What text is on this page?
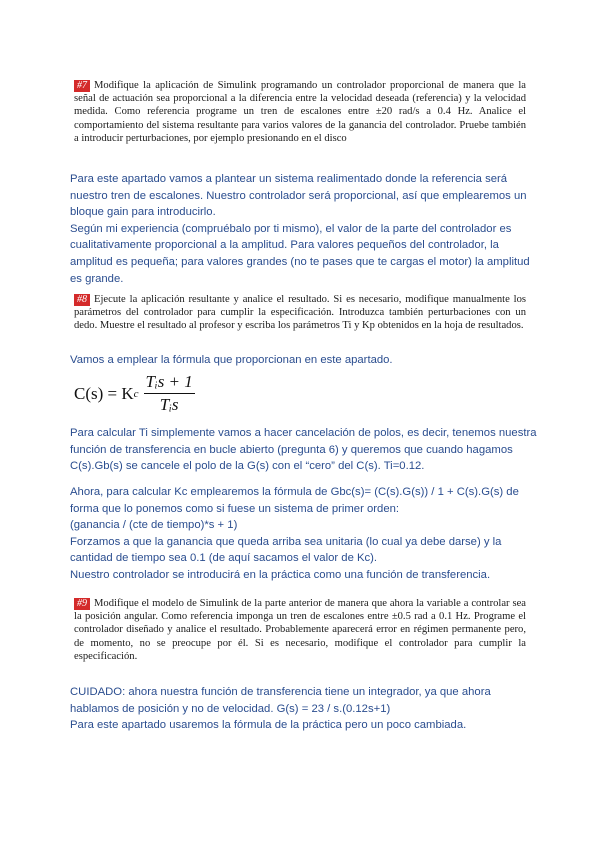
#7 Modifique la aplicación de Simulink programando un controlador proporcional de manera que la señal de actuación sea proporcional a la diferencia entre la velocidad deseada (referencia) y la velocidad medida. Como referencia programe un tren de escalones entre ±20 rad/s a 0.4 Hz. Analice el comportamiento del sistema resultante para varios valores de la ganancia del controlador. Pruebe también a introducir perturbaciones, por ejemplo presionando en el disco

Para este apartado vamos a plantear un sistema realimentado donde la referencia será nuestro tren de escalones. Nuestro controlador será proporcional, así que emplearemos un bloque gain para introducirlo.

Según mi experiencia (compruébalo por ti mismo), el valor de la parte del controlador es cualitativamente proporcional a la amplitud. Para valores pequeños del controlador, la amplitud es pequeña; para valores grandes (no te pases que te cargas el motor) la amplitud es grande.

#8 Ejecute la aplicación resultante y analice el resultado. Si es necesario, modifique manualmente los parámetros del controlador para cumplir la especificación. Introduzca también perturbaciones con un dedo. Muestre el resultado al profesor y escriba los parámetros Ti y Kp obtenidos en la hoja de resultados.

Vamos a emplear la fórmula que proporcionan en este apartado.

C(s) = K c $\frac{\text{Tᵢs + 1}}{\text{Tᵢs}}$

Para calcular Ti simplemente vamos a hacer cancelación de polos, es decir, tenemos nuestra función de transferencia en bucle abierto (pregunta 6) y queremos que cuando hagamos C(s).Gb(s) se cancele el polo de la G(s) con el “cero” del C(s). Ti=0.12.

Ahora, para calcular Kc emplearemos la fórmula de Gbc(s)= (C(s).G(s)) / 1 + C(s).G(s) de forma que lo ponemos como si fuese un sistema de primer orden:

(ganancia / (cte de tiempo)*s + 1)

Forzamos a que la ganancia que queda arriba sea unitaria (lo cual ya debe darse) y la cantidad de tiempo sea 0.1 (de aquí sacamos el valor de Kc).

Nuestro controlador se introducirá en la práctica como una función de transferencia.

#9 Modifique el modelo de Simulink de la parte anterior de manera que ahora la variable a controlar sea la posición angular. Como referencia imponga un tren de escalones entre ±0.5 rad a 0.1 Hz. Programe el controlador diseñado y analice el resultado. Probablemente aparecerá error en régimen permanente pero, de momento, no se preocupe por él. Si es necesario, modifique el controlador para cumplir la especificación.

CUIDADO: ahora nuestra función de transferencia tiene un integrador, ya que ahora hablamos de posición y no de velocidad. G(s) = 23 / s.(0.12s+1)

Para este apartado usaremos la fórmula de la práctica pero un poco cambiada.
